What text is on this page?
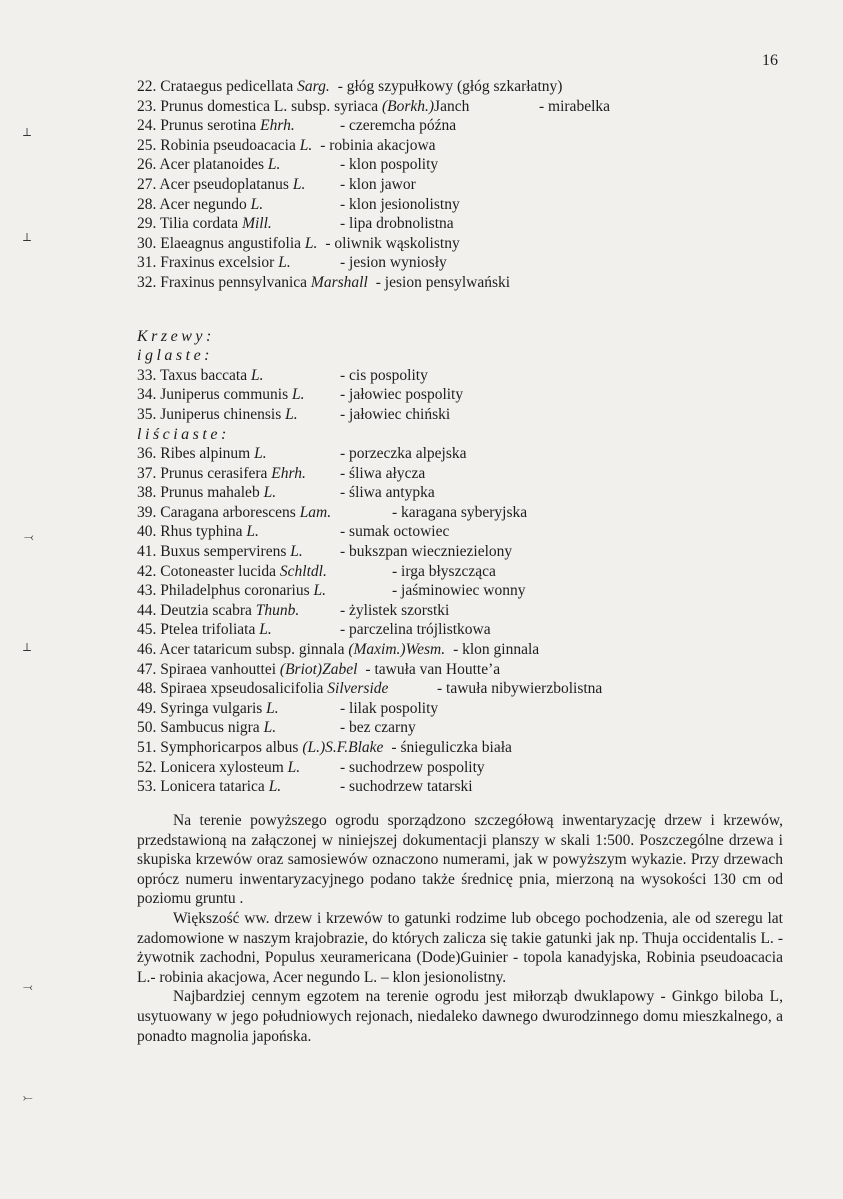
16
22. Crataegus pedicellata Sarg. - głóg szypułkowy (głóg szkarłatny)
23. Prunus domestica L. subsp. syriaca (Borkh.)Janch	- mirabelka
24. Prunus serotina Ehrh.	- czeremcha późna
25. Robinia pseudoacacia L. - robinia akacjowa
26. Acer platanoides L.	- klon pospolity
27. Acer pseudoplatanus L. - klon jawor
28. Acer negundo L.	- klon jesionolistny
29. Tilia cordata Mill.	- lipa drobnolistna
30. Elaeagnus angustifolia L. - oliwnik wąskolistny
31. Fraxinus excelsior L.	- jesion wyniosły
32. Fraxinus pennsylvanica Marshall - jesion pensylwański
Krzewy:
iglaste:
33. Taxus baccata L.	- cis pospolity
34. Juniperus communis L. - jałowiec pospolity
35. Juniperus chinensis L.	- jałowiec chiński
liściaste:
36. Ribes alpinum L.	- porzeczka alpejska
37. Prunus cerasifera Ehrh. - śliwa ałycza
38. Prunus mahaleb L.	- śliwa antypka
39. Caragana arborescens Lam.	- karagana syberyjska
40. Rhus typhina L.	- sumak octowiec
41. Buxus sempervirens L. - bukszpan wieczniezielony
42. Cotoneaster lucida Schltdl.	- irga błyszcząca
43. Philadelphus coronarius L.	- jaśminowiec wonny
44. Deutzia scabra Thunb.	- żylistek szorstki
45. Ptelea trifoliata L.	- parczelina trójlistkowa
46. Acer tataricum subsp. ginnala (Maxim.)Wesm. - klon ginnala
47. Spiraea vanhouttei (Briot)Zabel - tawuła van Houtte’a
48. Spiraea xpseudosalicifolia Silverside	- tawuła nibywierzbolistna
49. Syringa vulgaris L.	- lilak pospolity
50. Sambucus nigra L.	- bez czarny
51. Symphoricarpos albus (L.)S.F.Blake - śnieguliczka biała
52. Lonicera xylosteum L.	- suchodrzew pospolity
53. Lonicera tatarica L.	- suchodrzew tatarski

Na terenie powyższego ogrodu sporządzono szczegółową inwentaryzację drzew i krzewów, przedstawioną na załączonej w niniejszej dokumentacji planszy w skali 1:500. Poszczególne drzewa i skupiska krzewów oraz samosiewów oznaczono numerami, jak w powyższym wykazie. Przy drzewach oprócz numeru inwentaryzacyjnego podano także średnicę pnia, mierzoną na wysokości 130 cm od poziomu gruntu .

Większość ww. drzew i krzewów to gatunki rodzime lub obcego pochodzenia, ale od szeregu lat zadomowione w naszym krajobrazie, do których zalicza się takie gatunki jak np. Thuja occidentalis L. - żywotnik zachodni, Populus xeuramericana (Dode)Guinier - topola kanadyjska, Robinia pseudoacacia L.- robinia akacjowa, Acer negundo L. – klon jesionolistny.

Najbardziej cennym egzotem na terenie ogrodu jest miłorząb dwuklapowy - Ginkgo biloba L, usytuowany w jego południowych rejonach, niedaleko dawnego dwurodzinnego domu mieszkalnego, a ponadto magnolia japońska.

⟂
⟂
⤙
⟂
⤙
⤚
